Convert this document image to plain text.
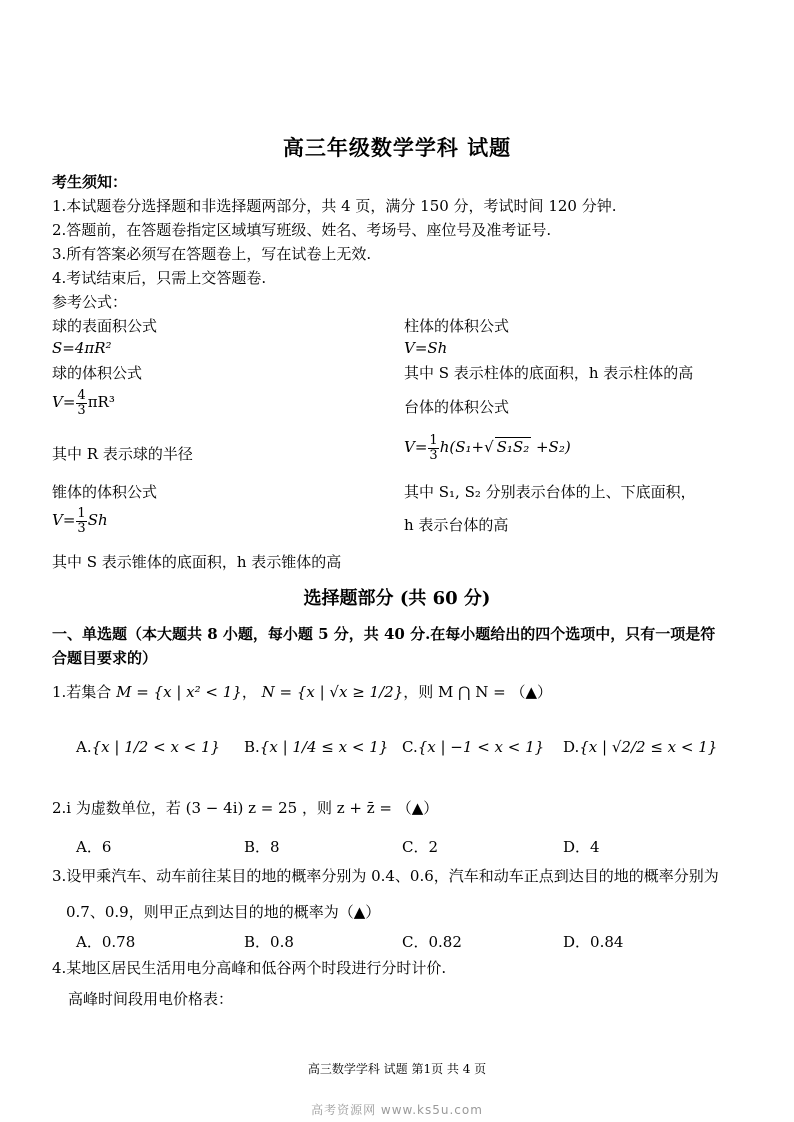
高三年级数学学科 试题
考生须知：
1.本试题卷分选择题和非选择题两部分，共 4 页，满分 150 分，考试时间 120 分钟.
2.答题前，在答题卷指定区域填写班级、姓名、考场号、座位号及准考证号.
3.所有答案必须写在答题卷上，写在试卷上无效.
4.考试结束后，只需上交答题卷.
参考公式：
球的表面积公式
S=4πR²
球的体积公式
$V= \frac{4}{3} \pi R^3$
其中 R 表示球的半径
锥体的体积公式
$V= \frac{1}{3}$ Sh
其中 S 表示锥体的底面积，h 表示锥体的高
柱体的体积公式
V=Sh
其中 S 表示柱体的底面积，h 表示柱体的高
台体的体积公式
$V= \frac{1}{3} h(S_1+√$ S₁S₂ +S₂)
其中 S₁, S₂ 分别表示台体的上、下底面积，
h 表示台体的高
选择题部分 (共 60 分)
一、单选题（本大题共 8 小题，每小题 5 分，共 40 分.在每小题给出的四个选项中，只有一项是符
合题目要求的）
1.若集合 M = {x | x² < 1}， N = {x | √x ≥ 1/2}，则 M ⋂ N = （▲）
A.{x | 1/2 < x < 1} B.{x | 1/4 ≤ x < 1} C.{x | −1 < x < 1} D.{x | √2/2 ≤ x < 1}
2.i 为虚数单位，若 (3 − 4i) z = 25 ，则 z + z̄ = （▲）
A．6	B．8	C．2	D．4
3.设甲乘汽车、动车前往某目的地的概率分别为 0.4、0.6，汽车和动车正点到达目的地的概率分别为
0.7、0.9，则甲正点到达目的地的概率为（▲）
A．0.78	B．0.8	C．0.82	D．0.84
4.某地区居民生活用电分高峰和低谷两个时段进行分时计价.
高峰时间段用电价格表：
高三数学学科 试题 第1页 共 4 页
高考资源网 www.ks5u.com
